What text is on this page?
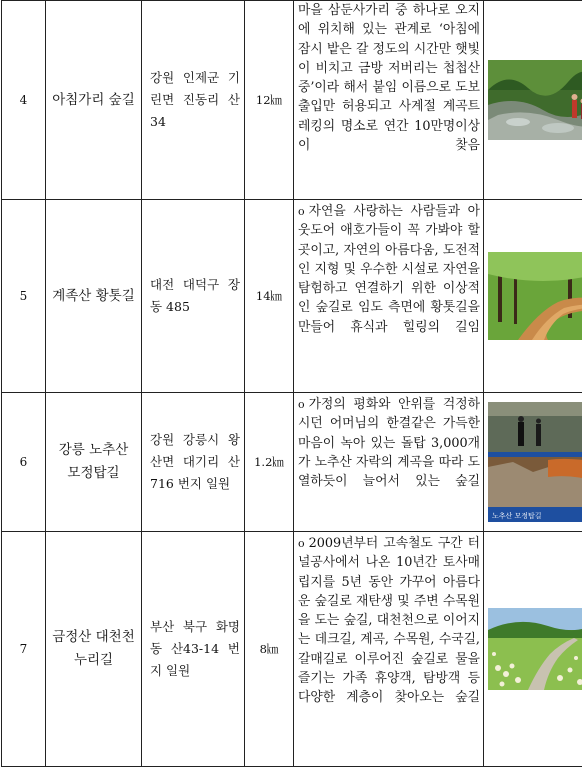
4	아침가리 숲길	강원 인제군 기린면 진동리 산 34	12㎞	마을 삼둔사가리 중 하나로 오지에 위치해 있는 관계로 ‘아침에 잠시 밭은 갈 정도의 시간만 햇빛이 비치고 금방 저버리는 첩첩산중’이라 해서 붙임 이름으로 도보출입만 허용되고 사계절 계곡트레킹의 명소로 연간 10만명이상이 찾음

5	계족산 황톳길	대전 대덕구 장동 485	14㎞	o 자연을 사랑하는 사람들과 아웃도어 애호가들이 꼭 가봐야 할 곳이고, 자연의 아름다움, 도전적인 지형 및 우수한 시설로 자연을 탐험하고 연결하기 위한 이상적인 숲길로 임도 측면에 황톳길을 만들어 휴식과 힐링의 길임

6	강릉 노추산 모정탑길	강원 강릉시 왕산면 대기리 산716 번지 일원	1.2㎞	o 가정의 평화와 안위를 걱정하시던 어머님의 한결같은 가득한 마음이 녹아 있는 돌탑 3,000개가 노추산 자락의 계곡을 따라 도열하듯이 늘어서 있는 숲길	노추산 모정탑길

7	금정산 대천천 누리길	부산 북구 화명동 산43-14 번지 일원	8㎞	o 2009년부터 고속철도 구간 터널공사에서 나온 10년간 토사매립지를 5년 동안 가꾸어 아름다운 숲길로 재탄생 및 주변 수목원을 도는 숲길, 대천천으로 이어지는 데크길, 계곡, 수목원, 수국길, 갈매길로 이루어진 숲길로 물을 즐기는 가족 휴양객, 탐방객 등 다양한 계층이 찾아오는 숲길
